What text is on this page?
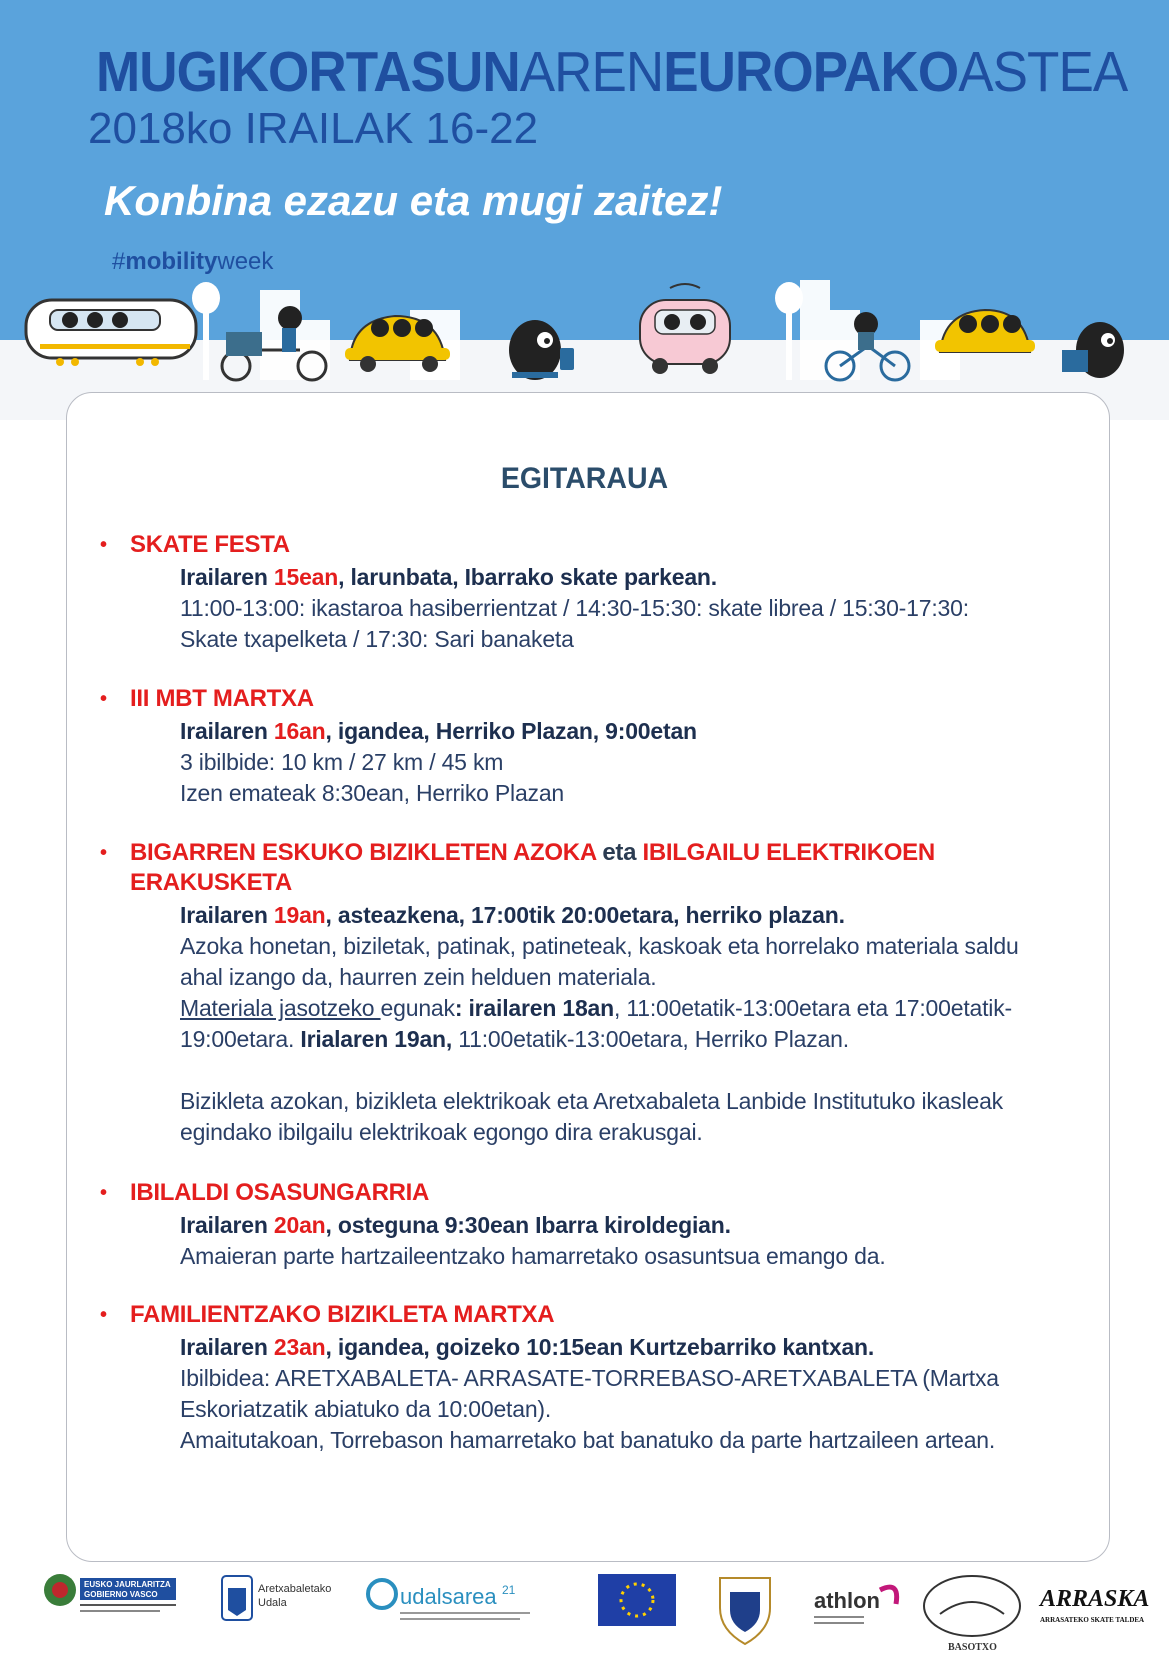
MUGIKORTASUNARENEUROPAKOASTEA
2018ko IRAILAK 16-22
Konbina ezazu eta mugi zaitez!
#mobilityweek
EGITARAUA
• SKATE FESTA
Irailaren 15ean, larunbata, Ibarrako skate parkean.
11:00-13:00: ikastaroa hasiberrientzat / 14:30-15:30: skate librea / 15:30-17:30:
Skate txapelketa / 17:30: Sari banaketa
• III MBT MARTXA
Irailaren 16an, igandea, Herriko Plazan, 9:00etan
3 ibilbide: 10 km / 27 km / 45 km
Izen emateak 8:30ean, Herriko Plazan
• BIGARREN ESKUKO BIZIKLETEN AZOKA eta IBILGAILU ELEKTRIKOEN
ERAKUSKETA
Irailaren 19an, asteazkena, 17:00tik 20:00etara, herriko plazan.
Azoka honetan, biziletak, patinak, patineteak, kaskoak eta horrelako materiala saldu
ahal izango da, haurren zein helduen materiala.
Materiala jasotzeko egunak: irailaren 18an, 11:00etatik-13:00etara eta 17:00etatik-
19:00etara. Irialaren 19an, 11:00etatik-13:00etara, Herriko Plazan.

Bizikleta azokan, bizikleta elektrikoak eta Aretxabaleta Lanbide Institutuko ikasleak
egindako ibilgailu elektrikoak egongo dira erakusgai.
• IBILALDI OSASUNGARRIA
Irailaren 20an, osteguna 9:30ean Ibarra kiroldegian.
Amaieran parte hartzaileentzako hamarretako osasuntsua emango da.
• FAMILIENTZAKO BIZIKLETA MARTXA
Irailaren 23an, igandea, goizeko 10:15ean Kurtzebarriko kantxan.
Ibilbidea: ARETXABALETA- ARRASATE-TORREBASO-ARETXABALETA (Martxa
Eskoriatzatik abiatuko da 10:00etan).
Amaitutakoan, Torrebason hamarretako bat banatuko da parte hartzaileen artean.
EUSKO JAURLARITZA
GOBIERNO VASCO	Aretxabaletako
Udala	udalsarea 21	athlon
BASOTXO
ARRASKA
ARRASATEKO SKATE TALDEA
